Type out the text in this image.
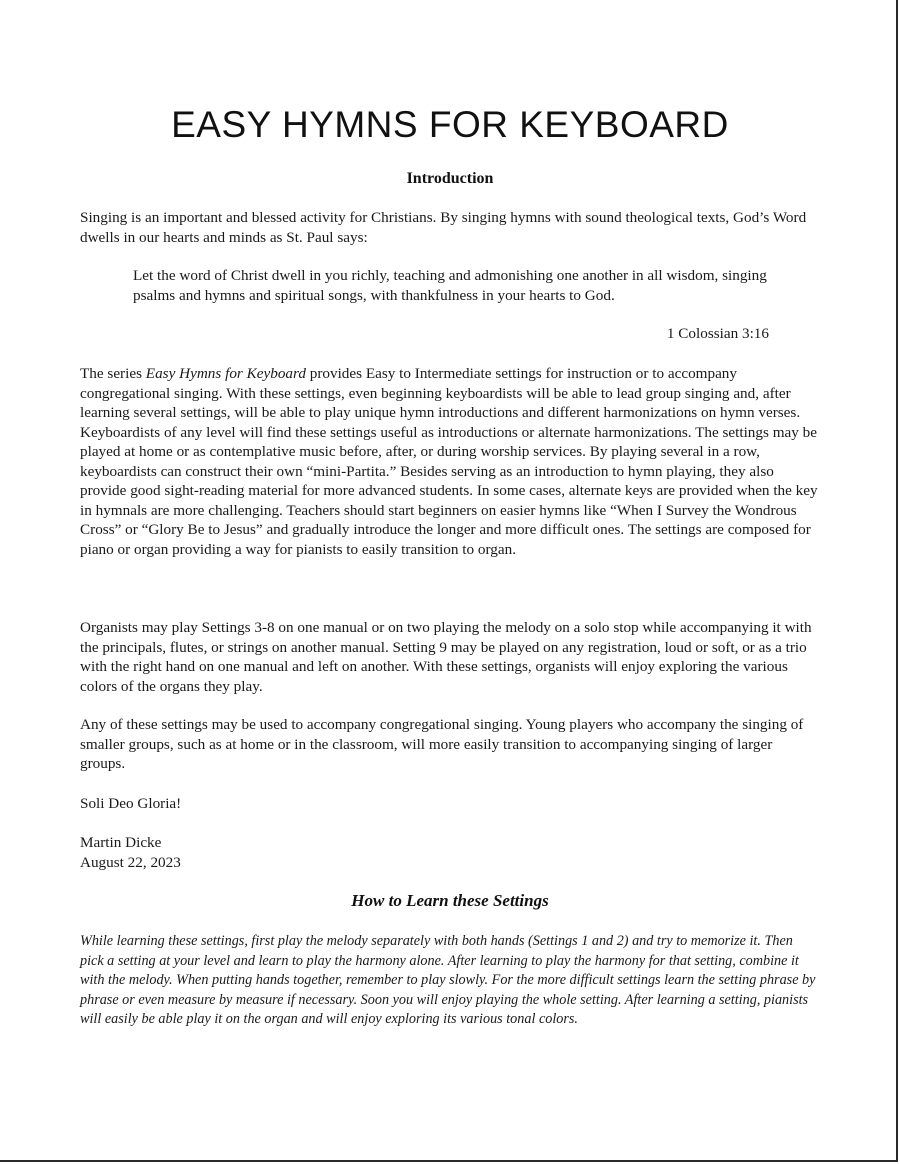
EASY HYMNS FOR KEYBOARD
Introduction

Singing is an important and blessed activity for Christians. By singing hymns with sound theological texts, God’s Word dwells in our hearts and minds as St. Paul says:

Let the word of Christ dwell in you richly, teaching and admonishing one another in all wisdom, singing psalms and hymns and spiritual songs, with thankfulness in your hearts to God.

1 Colossian 3:16

The series Easy Hymns for Keyboard provides Easy to Intermediate settings for instruction or to accompany congregational singing. With these settings, even beginning keyboardists will be able to lead group singing and, after learning several settings, will be able to play unique hymn introductions and different harmonizations on hymn verses. Keyboardists of any level will find these settings useful as introductions or alternate harmonizations. The settings may be played at home or as contemplative music before, after, or during worship services. By playing several in a row, keyboardists can construct their own “mini-Partita.” Besides serving as an introduction to hymn playing, they also provide good sight-reading material for more advanced students. In some cases, alternate keys are provided when the key in hymnals are more challenging. Teachers should start beginners on easier hymns like “When I Survey the Wondrous Cross” or “Glory Be to Jesus” and gradually introduce the longer and more difficult ones. The settings are composed for piano or organ providing a way for pianists to easily transition to organ.

Organists may play Settings 3-8 on one manual or on two playing the melody on a solo stop while accompanying it with the principals, flutes, or strings on another manual. Setting 9 may be played on any registration, loud or soft, or as a trio with the right hand on one manual and left on another. With these settings, organists will enjoy exploring the various colors of the organs they play.

Any of these settings may be used to accompany congregational singing. Young players who accompany the singing of smaller groups, such as at home or in the classroom, will more easily transition to accompanying singing of larger groups.

Soli Deo Gloria!

Martin Dicke
August 22, 2023

How to Learn these Settings

While learning these settings, first play the melody separately with both hands (Settings 1 and 2) and try to memorize it. Then pick a setting at your level and learn to play the harmony alone. After learning to play the harmony for that setting, combine it with the melody. When putting hands together, remember to play slowly. For the more difficult settings learn the setting phrase by phrase or even measure by measure if necessary. Soon you will enjoy playing the whole setting. After learning a setting, pianists will easily be able play it on the organ and will enjoy exploring its various tonal colors.
